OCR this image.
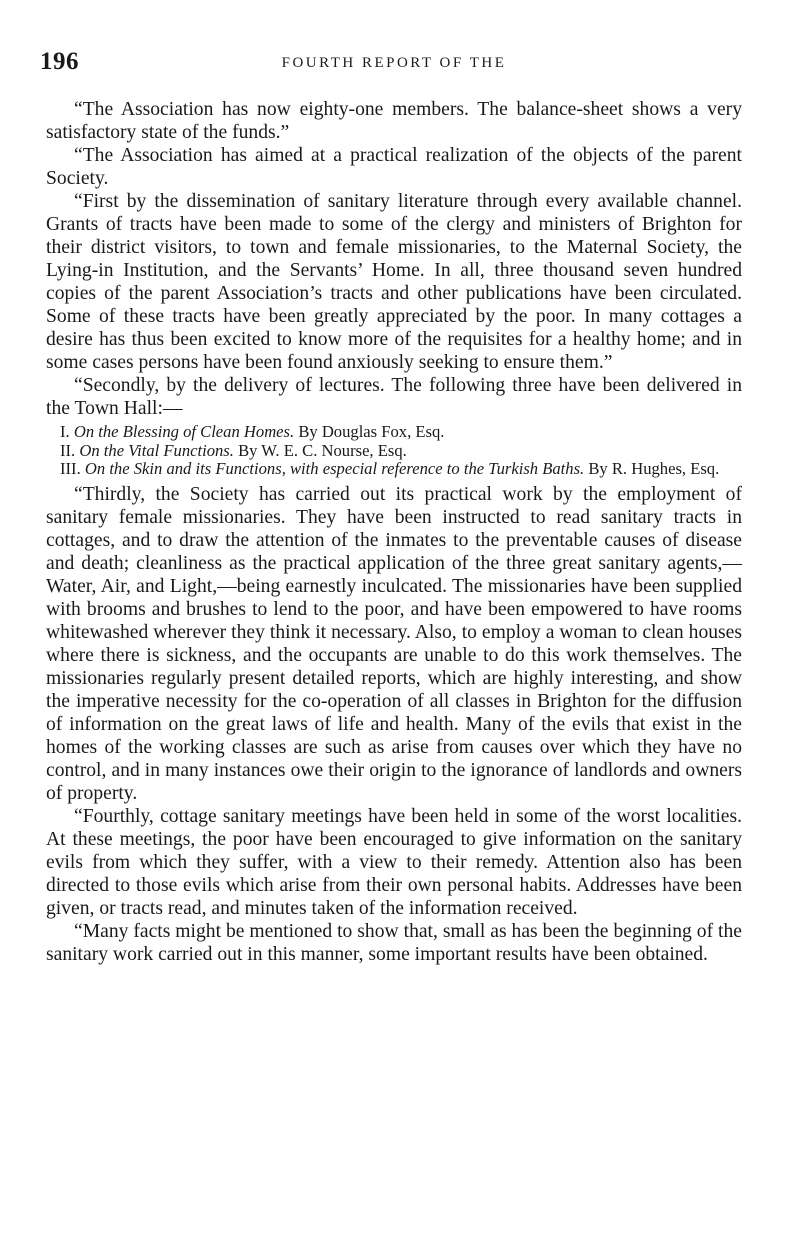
196	FOURTH REPORT OF THE

“The Association has now eighty-one members. The balance-sheet shows a very satisfactory state of the funds.”

“The Association has aimed at a practical realization of the objects of the parent Society.

“First by the dissemination of sanitary literature through every available channel. Grants of tracts have been made to some of the clergy and ministers of Brighton for their district visitors, to town and female missionaries, to the Maternal Society, the Lying-in Institution, and the Servants’ Home. In all, three thousand seven hundred copies of the parent Association’s tracts and other publications have been circulated. Some of these tracts have been greatly appreciated by the poor. In many cottages a desire has thus been excited to know more of the requisites for a healthy home; and in some cases persons have been found anxiously seeking to ensure them.”

“Secondly, by the delivery of lectures. The following three have been delivered in the Town Hall:—

I. On the Blessing of Clean Homes. By Douglas Fox, Esq.

II. On the Vital Functions. By W. E. C. Nourse, Esq.

III. On the Skin and its Functions, with especial reference to the Turkish Baths. By R. Hughes, Esq.

“Thirdly, the Society has carried out its practical work by the employment of sanitary female missionaries. They have been instructed to read sanitary tracts in cottages, and to draw the attention of the inmates to the preventable causes of disease and death; cleanliness as the practical application of the three great sanitary agents,—Water, Air, and Light,—being earnestly inculcated. The missionaries have been supplied with brooms and brushes to lend to the poor, and have been empowered to have rooms whitewashed wherever they think it necessary. Also, to employ a woman to clean houses where there is sickness, and the occupants are unable to do this work themselves. The missionaries regularly present detailed reports, which are highly interesting, and show the imperative necessity for the co-operation of all classes in Brighton for the diffusion of information on the great laws of life and health. Many of the evils that exist in the homes of the working classes are such as arise from causes over which they have no control, and in many instances owe their origin to the ignorance of landlords and owners of property.

“Fourthly, cottage sanitary meetings have been held in some of the worst localities. At these meetings, the poor have been encouraged to give information on the sanitary evils from which they suffer, with a view to their remedy. Attention also has been directed to those evils which arise from their own personal habits. Addresses have been given, or tracts read, and minutes taken of the information received.

“Many facts might be mentioned to show that, small as has been the beginning of the sanitary work carried out in this manner, some important results have been obtained.
